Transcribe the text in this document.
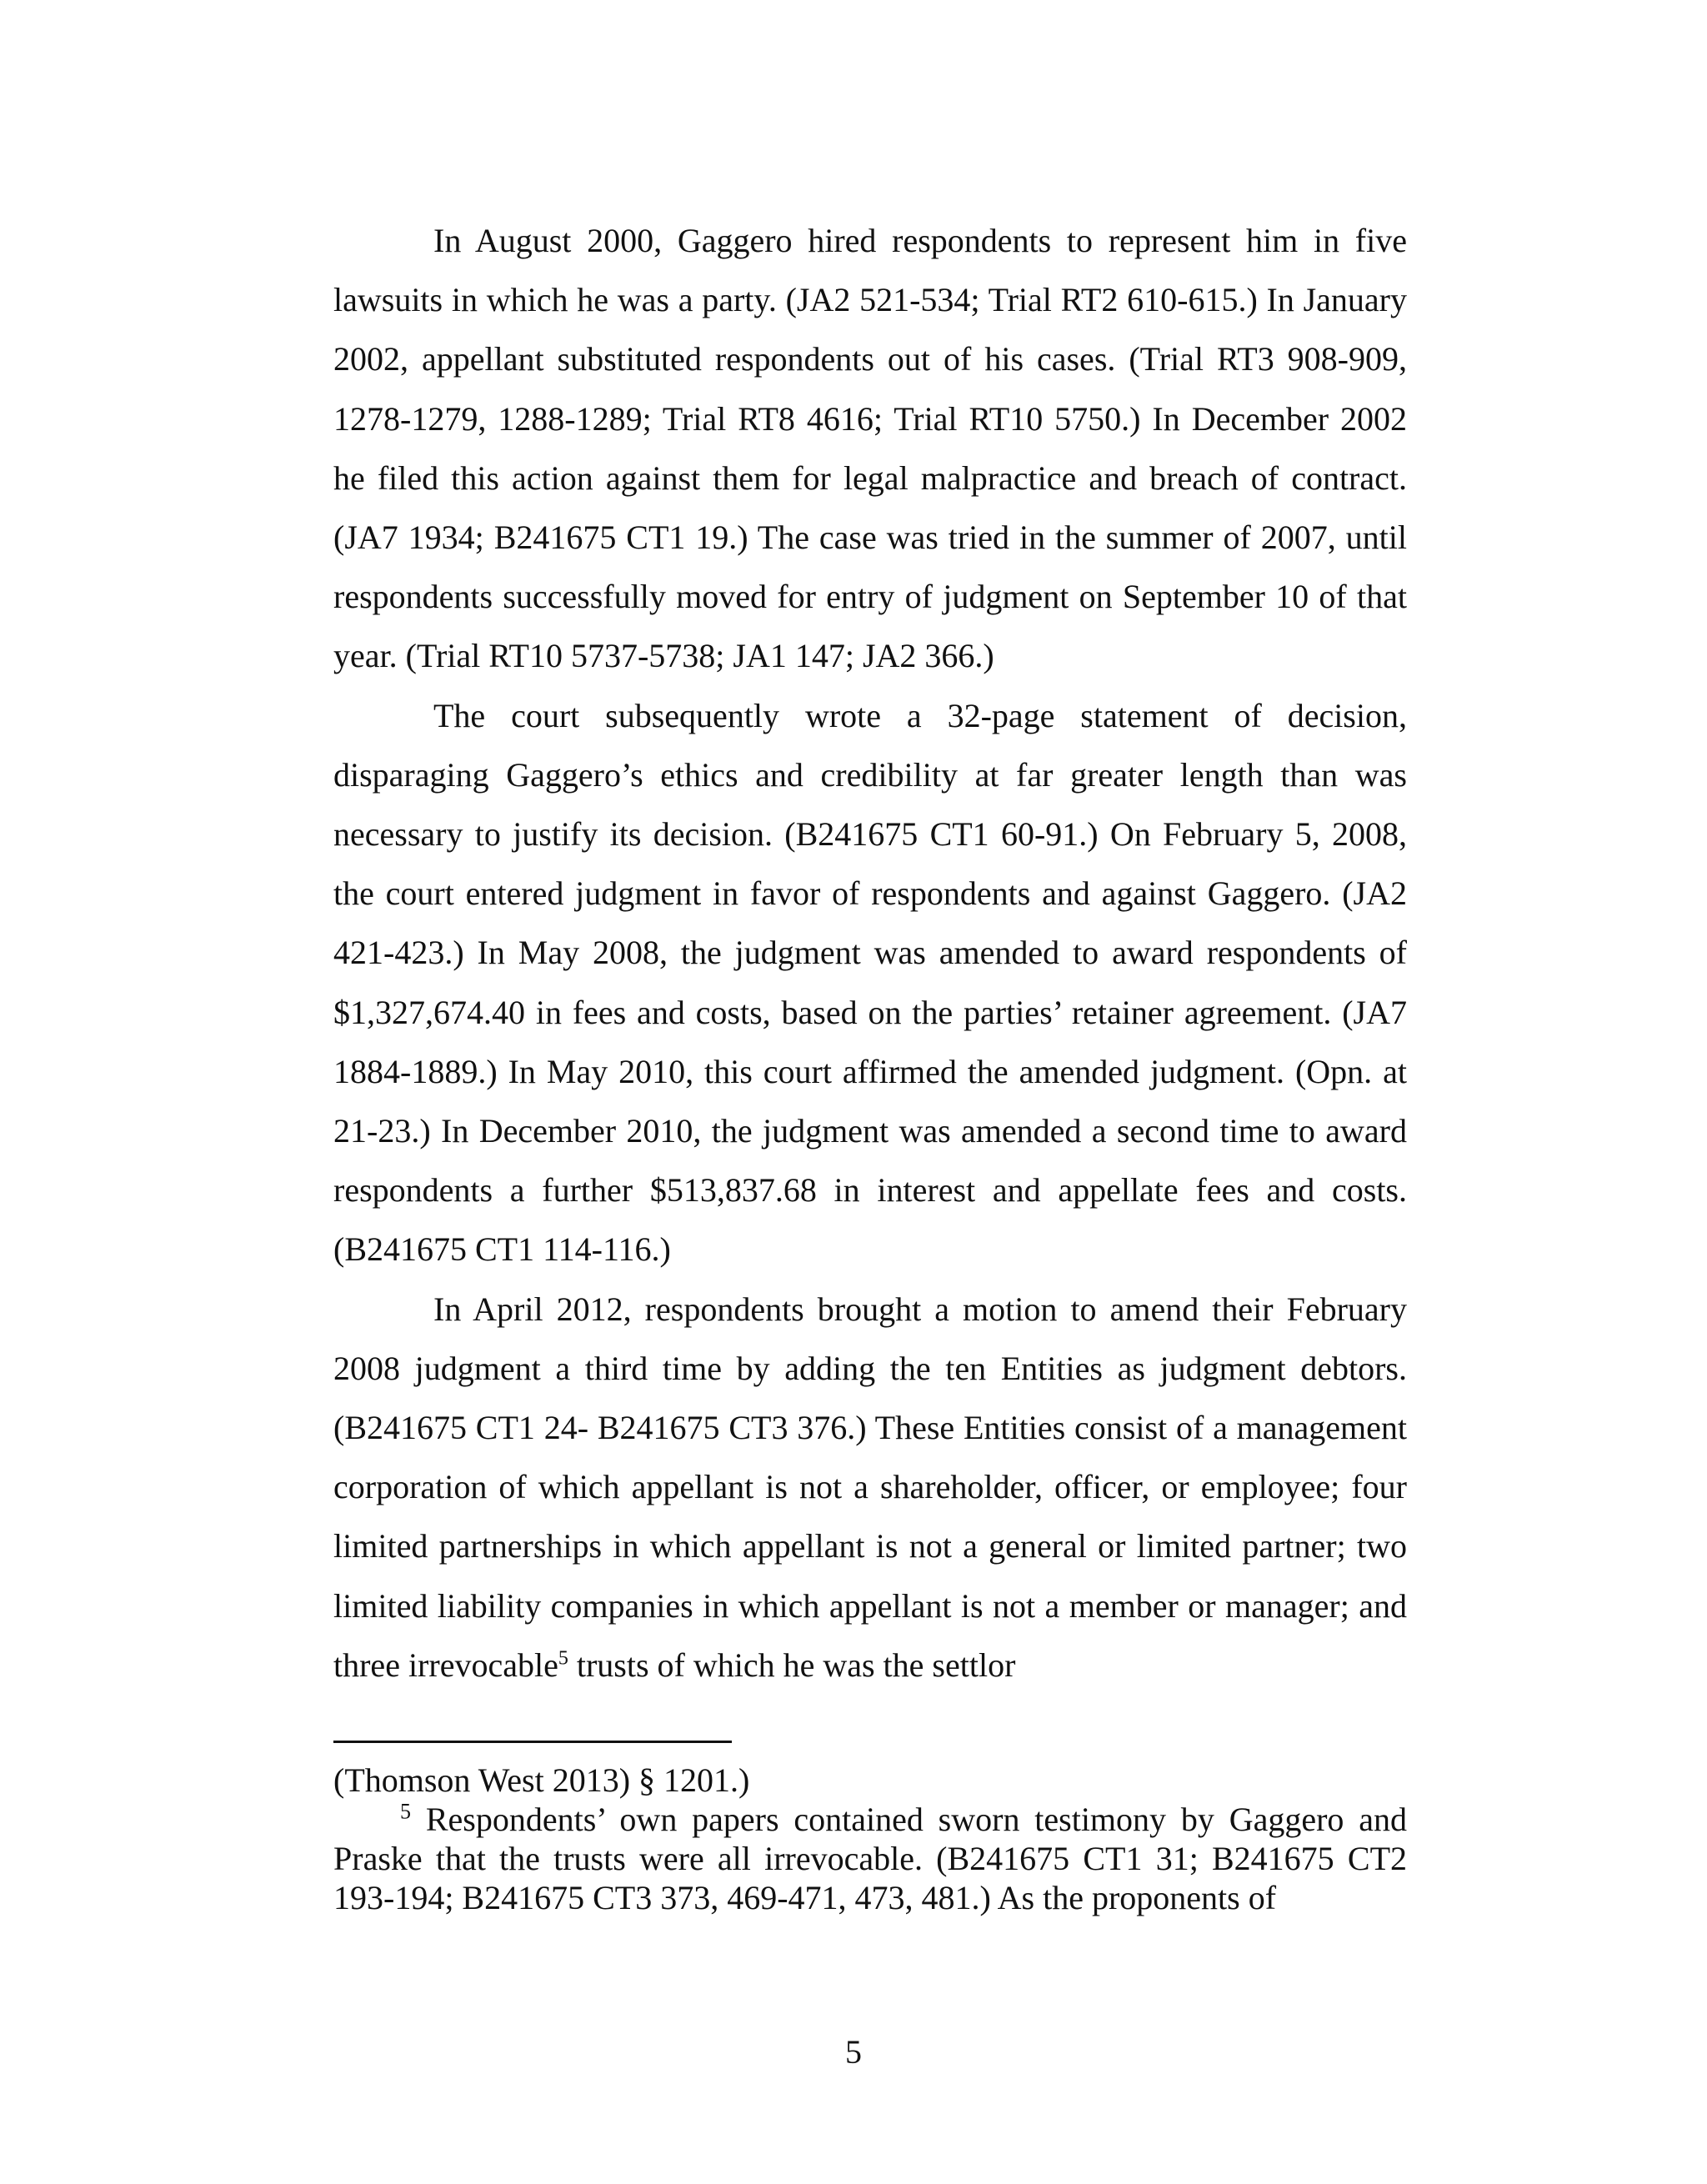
In August 2000, Gaggero hired respondents to represent him in five lawsuits in which he was a party. (JA2 521-534; Trial RT2 610-615.) In January 2002, appellant substituted respondents out of his cases. (Trial RT3 908-909, 1278-1279, 1288-1289; Trial RT8 4616; Trial RT10 5750.) In December 2002 he filed this action against them for legal malpractice and breach of contract. (JA7 1934; B241675 CT1 19.) The case was tried in the summer of 2007, until respondents successfully moved for entry of judgment on September 10 of that year. (Trial RT10 5737-5738; JA1 147; JA2 366.)

The court subsequently wrote a 32-page statement of decision, disparaging Gaggero’s ethics and credibility at far greater length than was necessary to justify its decision. (B241675 CT1 60-91.) On February 5, 2008, the court entered judgment in favor of respondents and against Gaggero. (JA2 421-423.) In May 2008, the judgment was amended to award respondents of $1,327,674.40 in fees and costs, based on the parties’ retainer agreement. (JA7 1884-1889.) In May 2010, this court affirmed the amended judgment. (Opn. at 21-23.) In December 2010, the judgment was amended a second time to award respondents a further $513,837.68 in interest and appellate fees and costs. (B241675 CT1 114-116.)

In April 2012, respondents brought a motion to amend their February 2008 judgment a third time by adding the ten Entities as judgment debtors. (B241675 CT1 24- B241675 CT3 376.) These Entities consist of a management corporation of which appellant is not a shareholder, officer, or employee; four limited partnerships in which appellant is not a general or limited partner; two limited liability companies in which appellant is not a member or manager; and three irrevocable$^5$ trusts of which he was the settlor

(Thomson West 2013) § 1201.)

$^5$ Respondents’ own papers contained sworn testimony by Gaggero and Praske that the trusts were all irrevocable. (B241675 CT1 31; B241675 CT2 193-194; B241675 CT3 373, 469-471, 473, 481.) As the proponents of

5
